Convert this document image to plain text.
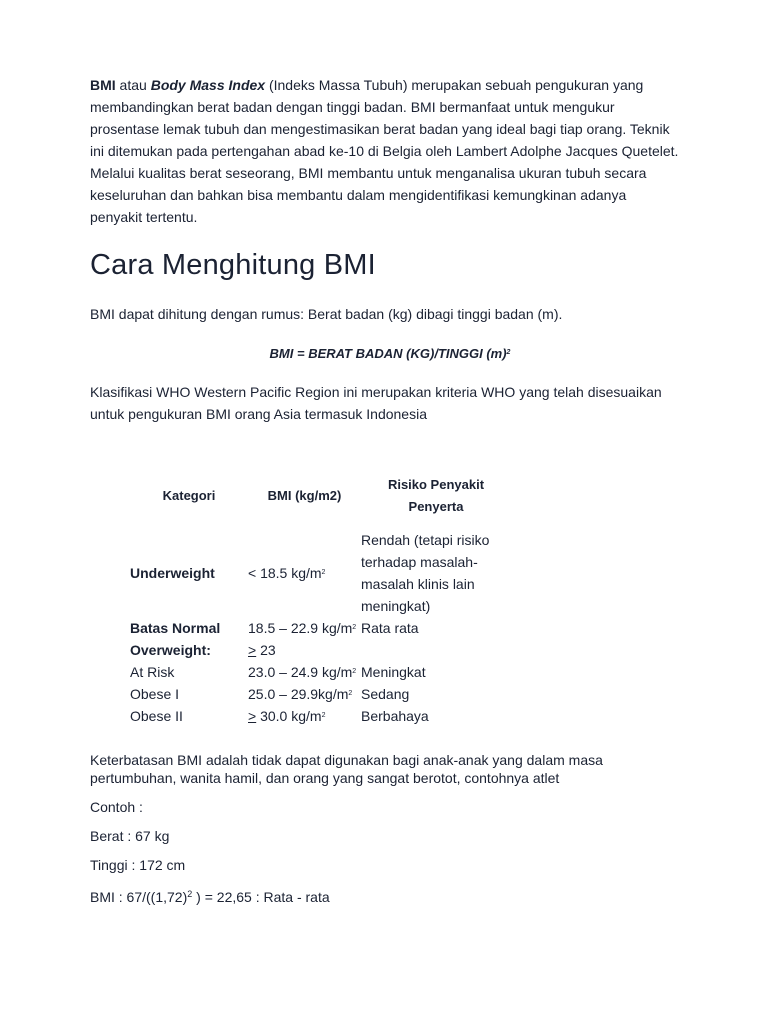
BMI atau Body Mass Index (Indeks Massa Tubuh) merupakan sebuah pengukuran yang membandingkan berat badan dengan tinggi badan. BMI bermanfaat untuk mengukur prosentase lemak tubuh dan mengestimasikan berat badan yang ideal bagi tiap orang. Teknik ini ditemukan pada pertengahan abad ke-10 di Belgia oleh Lambert Adolphe Jacques Quetelet. Melalui kualitas berat seseorang, BMI membantu untuk menganalisa ukuran tubuh secara keseluruhan dan bahkan bisa membantu dalam mengidentifikasi kemungkinan adanya penyakit tertentu.

Cara Menghitung BMI

BMI dapat dihitung dengan rumus: Berat badan (kg) dibagi tinggi badan (m).

BMI = BERAT BADAN (KG)/TINGGI $(m)^2$

Klasifikasi WHO Western Pacific Region ini merupakan kriteria WHO yang telah disesuaikan untuk pengukuran BMI orang Asia termasuk Indonesia

Kategori	BMI (kg/m2)	Risiko Penyakit
Penyerta
Underweight	< 18.5 $kg/m^2$	Rendah (tetapi risiko terhadap masalah-masalah klinis lain meningkat)
Batas Normal	18.5 – 22.9 $kg/m^2$	Rata rata
Overweight:	> 23	
At Risk	23.0 – 24.9 $kg/m^2$	Meningkat
Obese I	$25.0 - 29.9kg/m^2$	Sedang
Obese II	> 30.0 $kg/m^2$	Berbahaya

Keterbatasan BMI adalah tidak dapat digunakan bagi anak-anak yang dalam masa pertumbuhan, wanita hamil, dan orang yang sangat berotot, contohnya atlet

Contoh :

Berat : 67 kg

Tinggi : 172 cm

BMI : $67/((1,72)^2$ ) = 22,65 : Rata - rata
